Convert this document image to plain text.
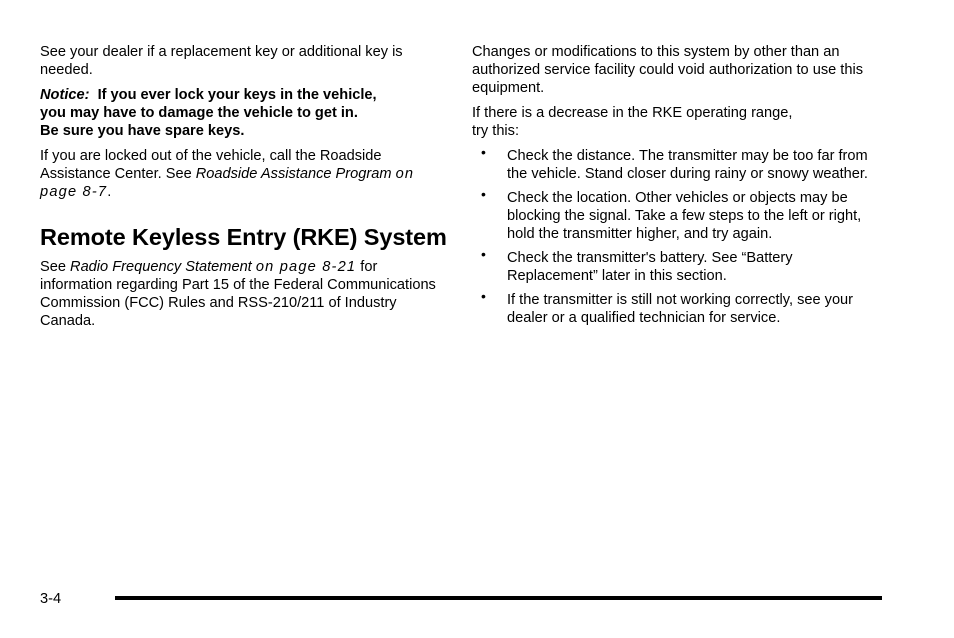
See your dealer if a replacement key or additional key is needed.

Notice: If you ever lock your keys in the vehicle,
you may have to damage the vehicle to get in.
Be sure you have spare keys.

If you are locked out of the vehicle, call the Roadside Assistance Center. See Roadside Assistance Program on page 8-7.

Remote Keyless Entry (RKE) System

See Radio Frequency Statement on page 8-21 for information regarding Part 15 of the Federal Communications Commission (FCC) Rules and RSS-210/211 of Industry Canada.

Changes or modifications to this system by other than an authorized service facility could void authorization to use this equipment.

If there is a decrease in the RKE operating range,
try this:

• Check the distance. The transmitter may be too far from the vehicle. Stand closer during rainy or snowy weather.
• Check the location. Other vehicles or objects may be blocking the signal. Take a few steps to the left or right, hold the transmitter higher, and try again.
• Check the transmitter's battery. See “Battery Replacement” later in this section.
• If the transmitter is still not working correctly, see your dealer or a qualified technician for service.
3-4
